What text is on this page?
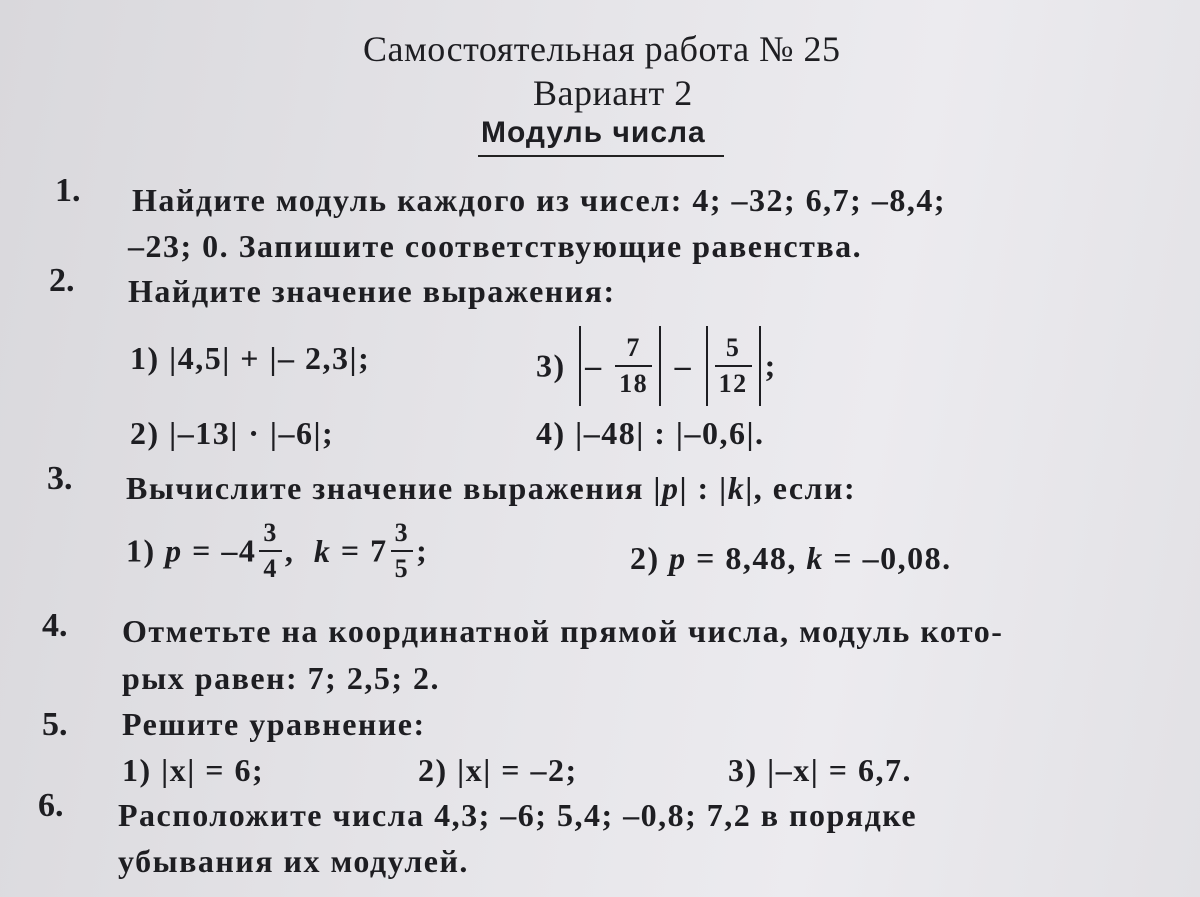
Самостоятельная работа № 25
Вариант 2
Модуль числа
1. Найдите модуль каждого из чисел: 4; –32; 6,7; –8,4;
–23; 0. Запишите соответствующие равенства.
2. Найдите значение выражения:
1) |4,5| + |– 2,3|;	$3) - \frac{7}{18} - \frac{5}{12}$ ;
2) |–13| · |–6|;	4) |–48| : |–0,6|.
3. Вычислите значение выражения |p| : |k|, если:
1) $p = -4 \frac{3}{4}$ , $k = 7 \frac{3}{5}$ ;	2) p = 8,48, k = –0,08.
4. Отметьте на координатной прямой числа, модуль кото-
рых равен: 7; 2,5; 2.
5. Решите уравнение:
1) |x| = 6;	2) |x| = –2;	3) |–x| = 6,7.
6. Расположите числа 4,3; –6; 5,4; –0,8; 7,2 в порядке
убывания их модулей.
